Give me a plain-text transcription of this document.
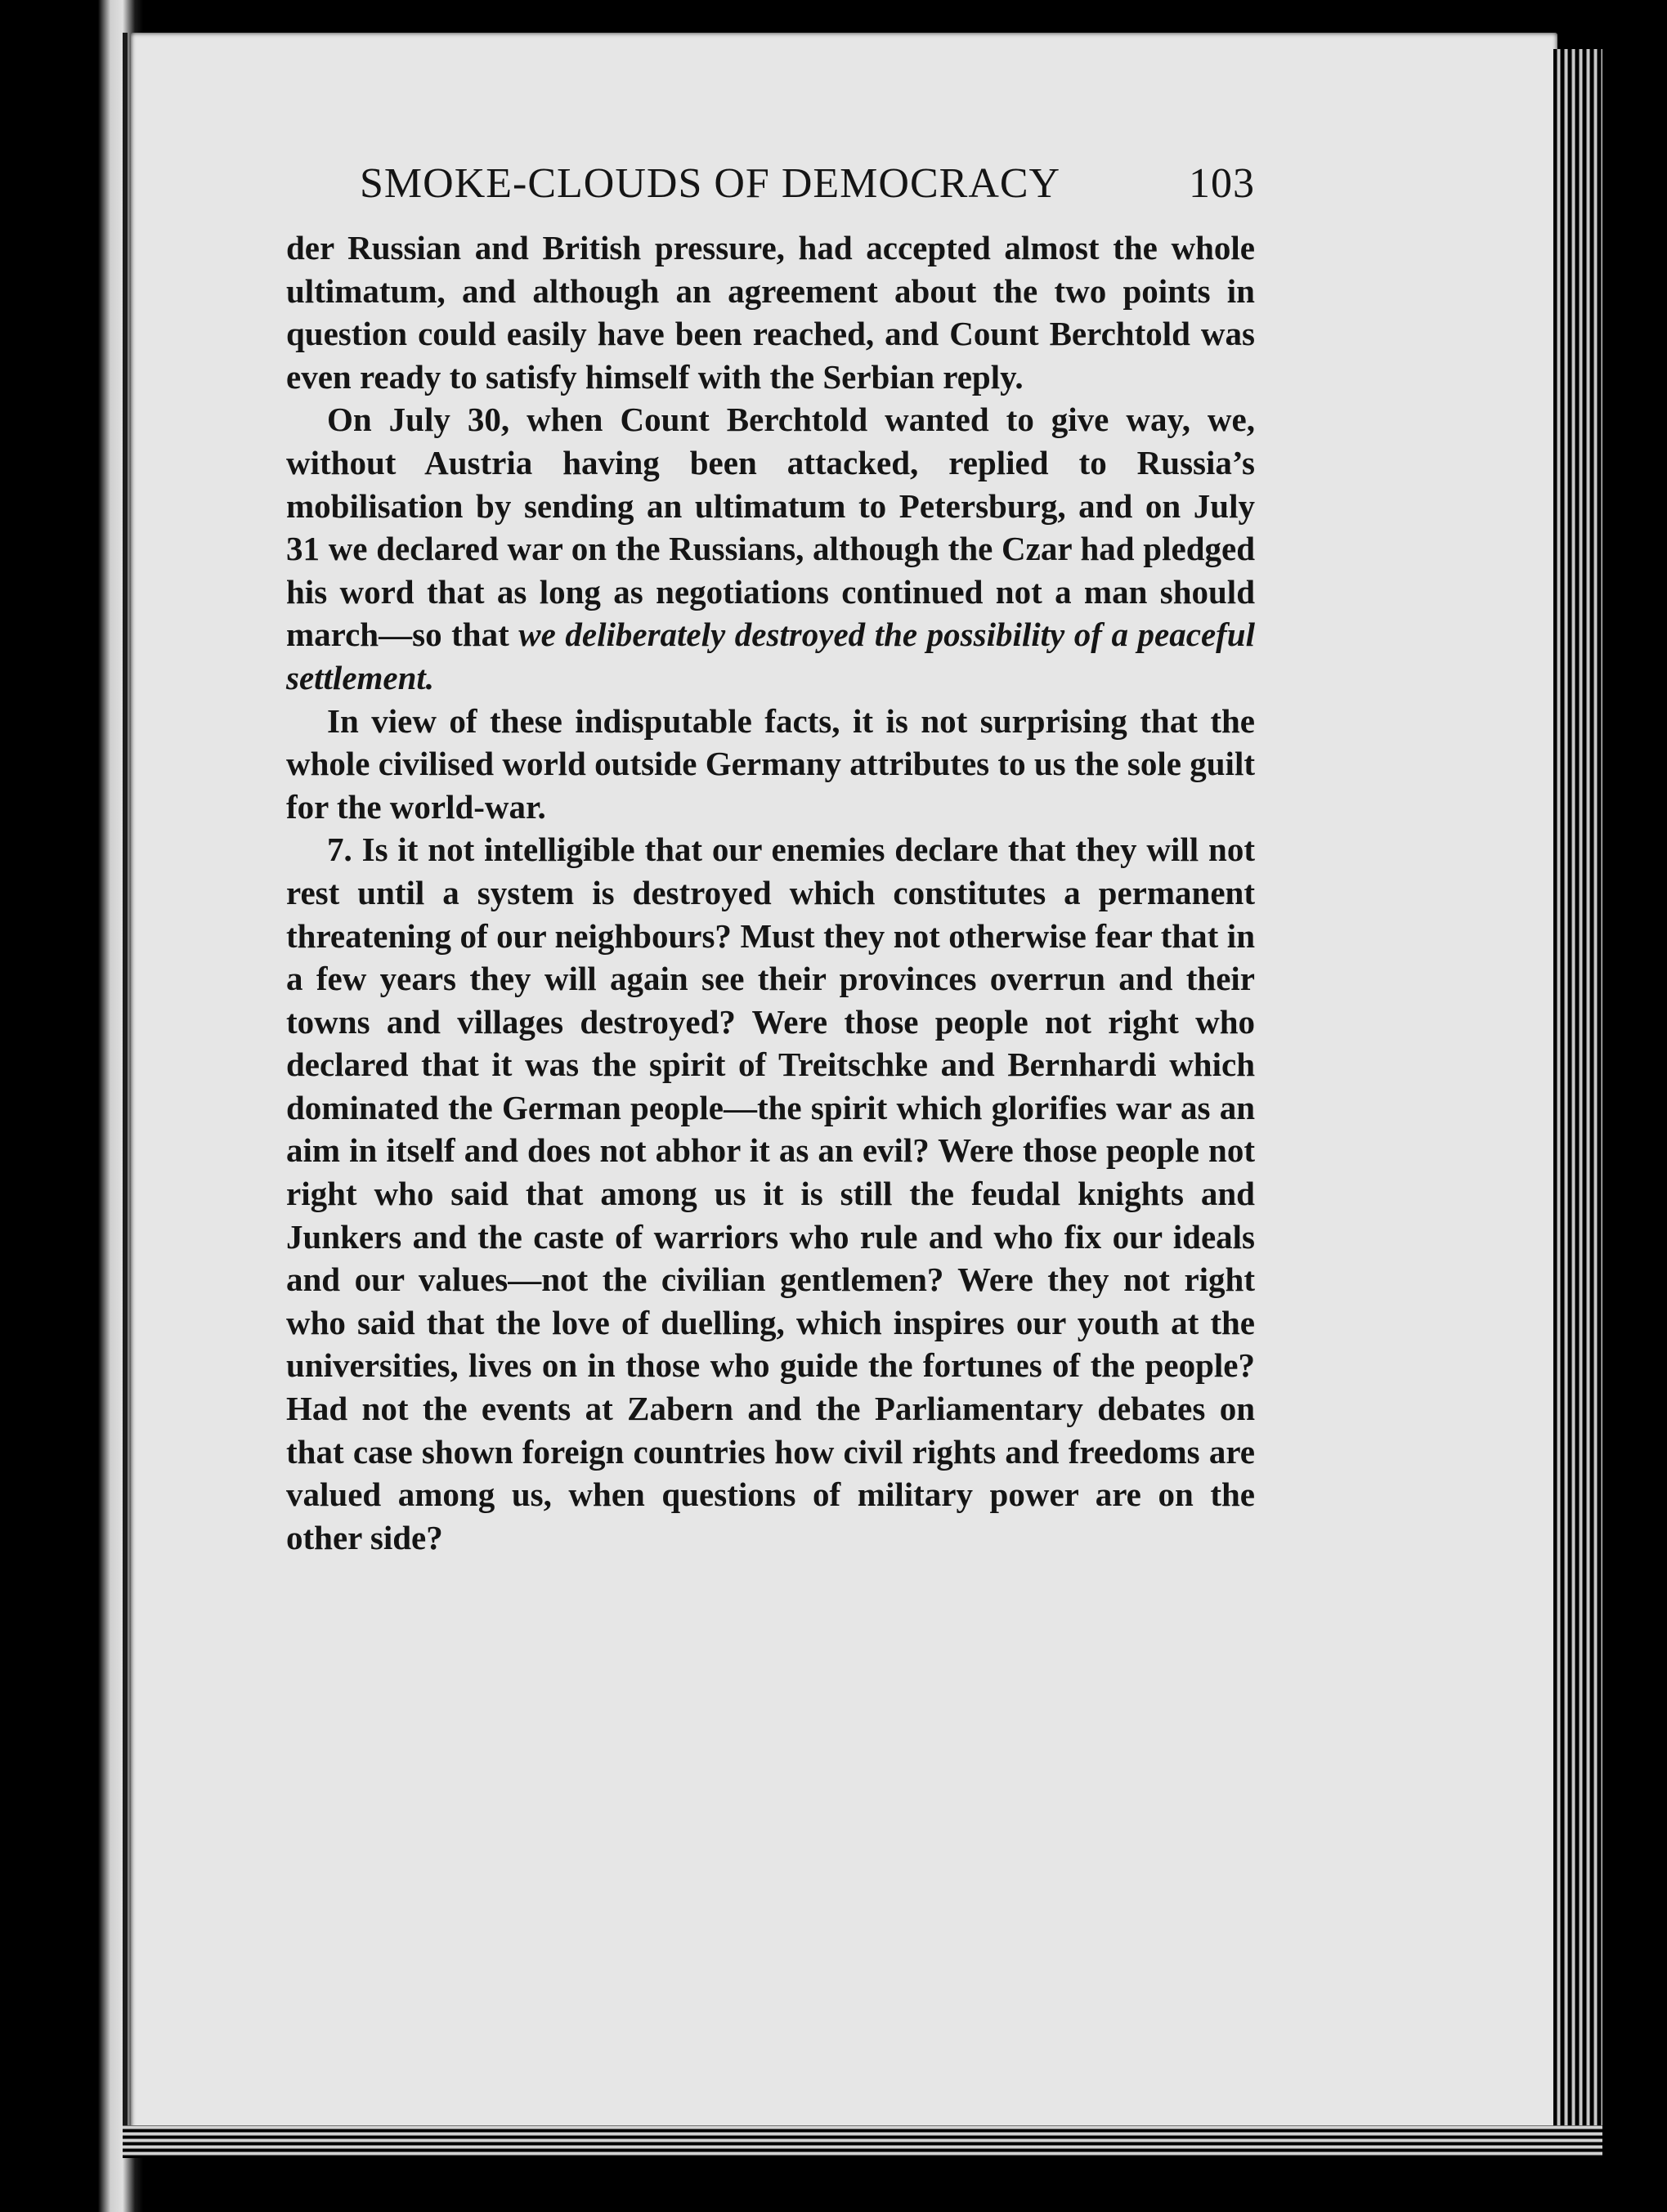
SMOKE-CLOUDS OF DEMOCRACY	103

der Russian and British pressure, had accepted almost the whole ultimatum, and although an agreement about the two points in question could easily have been reached, and Count Berchtold was even ready to satisfy himself with the Serbian reply.

On July 30, when Count Berchtold wanted to give way, we, without Austria having been attacked, replied to Russia’s mobilisation by sending an ultimatum to Petersburg, and on July 31 we declared war on the Russians, although the Czar had pledged his word that as long as negotiations continued not a man should march—so that we deliberately destroyed the possibility of a peaceful settlement.

In view of these indisputable facts, it is not surprising that the whole civilised world outside Germany attributes to us the sole guilt for the world-war.

7. Is it not intelligible that our enemies declare that they will not rest until a system is destroyed which constitutes a permanent threatening of our neighbours? Must they not otherwise fear that in a few years they will again see their provinces overrun and their towns and villages destroyed? Were those people not right who declared that it was the spirit of Treitschke and Bernhardi which dominated the German people—the spirit which glorifies war as an aim in itself and does not abhor it as an evil? Were those people not right who said that among us it is still the feudal knights and Junkers and the caste of warriors who rule and who fix our ideals and our values—not the civilian gentlemen? Were they not right who said that the love of duelling, which inspires our youth at the universities, lives on in those who guide the fortunes of the people? Had not the events at Zabern and the Parliamentary debates on that case shown foreign countries how civil rights and freedoms are valued among us, when questions of military power are on the other side?
